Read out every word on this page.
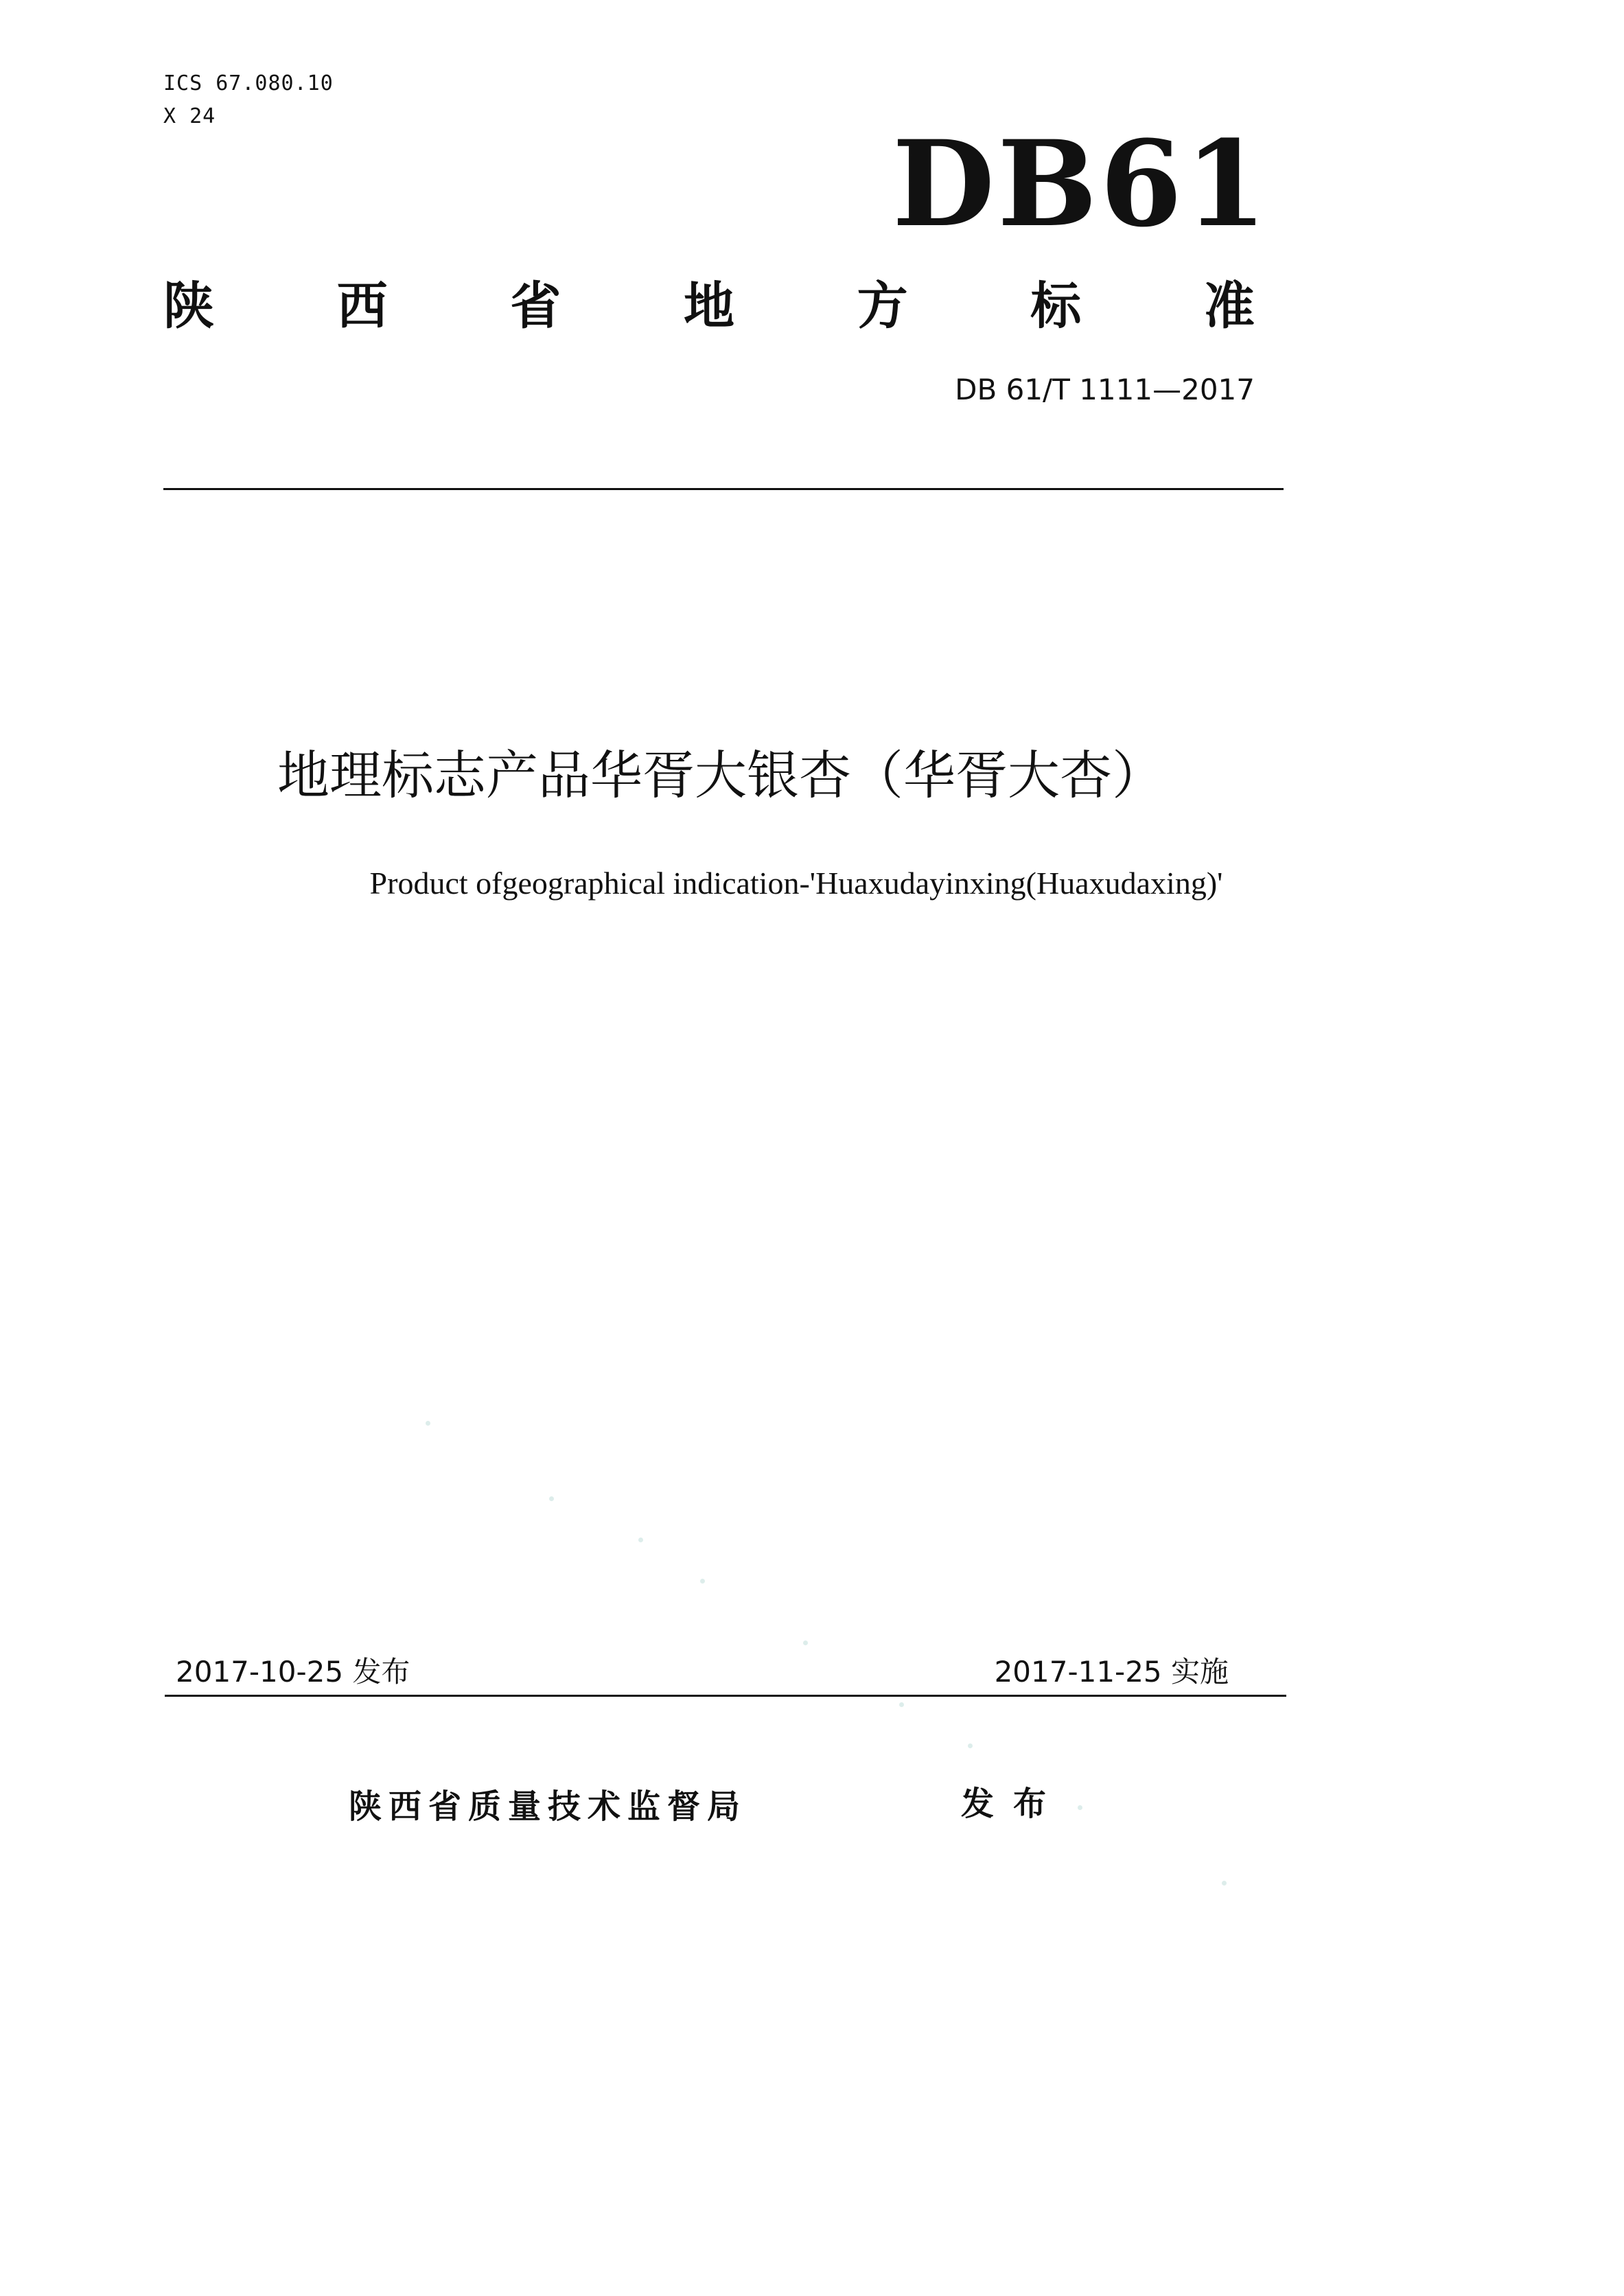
ICS 67.080.10
X 24	DB61
陕 西 省 地 方 标 准
DB 61/T 1111—2017
地理标志产品华胥大银杏（华胥大杏）
Product ofgeographical indication-'Huaxudayinxing(Huaxudaxing)'
2017-10-25 发布	2017-11-25 实施
陕西省质量技术监督局	发布
